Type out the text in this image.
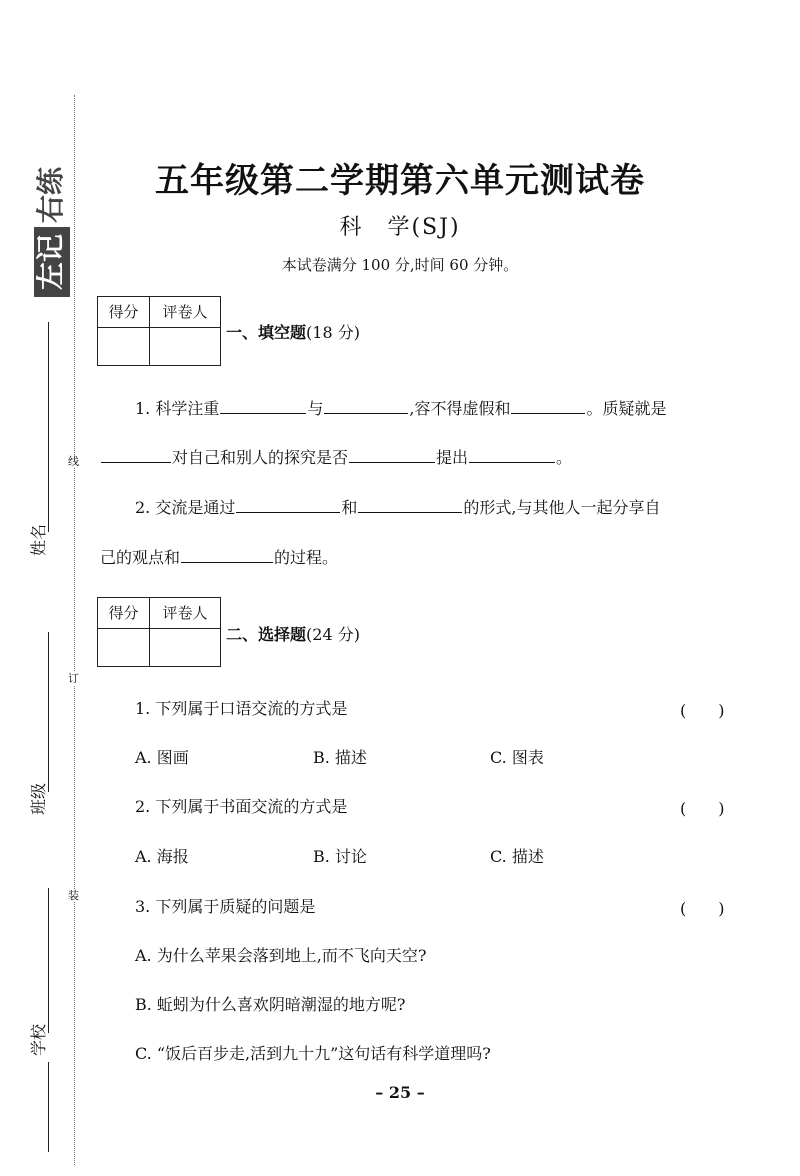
线
订
装
左记
右练
姓名
班级
学校
五年级第二学期第六单元测试卷
科　学(SJ)
本试卷满分 100 分,时间 60 分钟。
得分	评卷人
一、填空题(18 分)
1. 科学注重	与	,容不得虚假和	。质疑就是
对自己和别人的探究是否	提出	。
2. 交流是通过	和	的形式,与其他人一起分享自
己的观点和	的过程。
得分	评卷人
二、选择题(24 分)
1. 下列属于口语交流的方式是	(　　)
A. 图画	B. 描述	C. 图表
2. 下列属于书面交流的方式是	(　　)
A. 海报	B. 讨论	C. 描述
3. 下列属于质疑的问题是	(　　)
A. 为什么苹果会落到地上,而不飞向天空?
B. 蚯蚓为什么喜欢阴暗潮湿的地方呢?
C. “饭后百步走,活到九十九”这句话有科学道理吗?
– 25 –
